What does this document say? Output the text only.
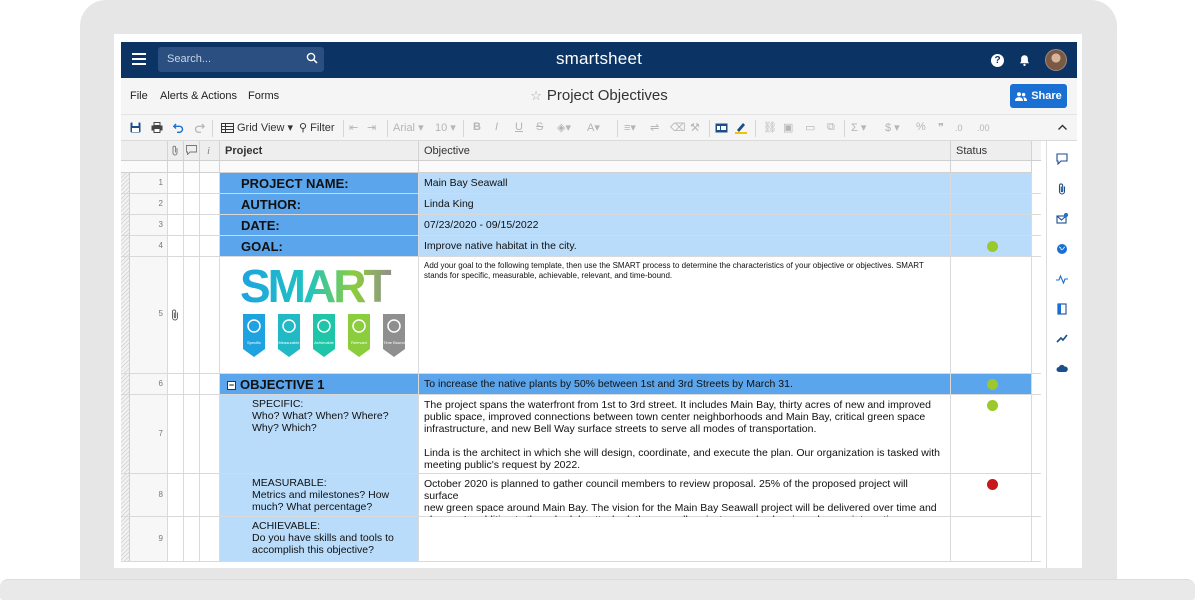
Search...	smartsheet	?
File Alerts & Actions Forms	☆ Project Objectives	Share
Grid View ▾ ⚲ Filter ⇤ ⇥ Arial ▾ 10 ▾ B I U S ◈▾ A▾ ≡▾ ⇌ ⌫ ⚒	⛓ ▣ ▭ ⧉ Σ ▾ $ ▾ % ❞ .0 .00
i	Project	Objective	Status
1	PROJECT NAME:	Main Bay Seawall
2	AUTHOR:	Linda King
3	DATE:	07/23/2020 - 09/15/2022
4	GOAL:	Improve native habitat in the city.
5
SMART
Specific	Measurable	Achievable	Relevant	Time Bound
Add your goal to the following template, then use the SMART process to determine the characteristics of your objective or objectives. SMART stands for specific, measurable, achievable, relevant, and time-bound.
6	− OBJECTIVE 1	To increase the native plants by 50% between 1st and 3rd Streets by March 31.
7
SPECIFIC:
Who? What? When? Where?
Why? Which?
The project spans the waterfront from 1st to 3rd street. It includes Main Bay, thirty acres of new and improved
public space, improved connections between town center neighborhoods and Main Bay, critical green space
infrastructure, and new Bell Way surface streets to serve all modes of transportation.
Linda is the architect in which she will design, coordinate, and execute the plan. Our organization is tasked with
meeting public's request by 2022.
8
MEASURABLE:
Metrics and milestones? How
much? What percentage?
October 2020 is planned to gather council members to review proposal. 25% of the proposed project will surface
new green space around Main Bay. The vision for the Main Bay Seawall project will be delivered over time and
9
ACHIEVABLE:
Do you have skills and tools to
accomplish this objective?
